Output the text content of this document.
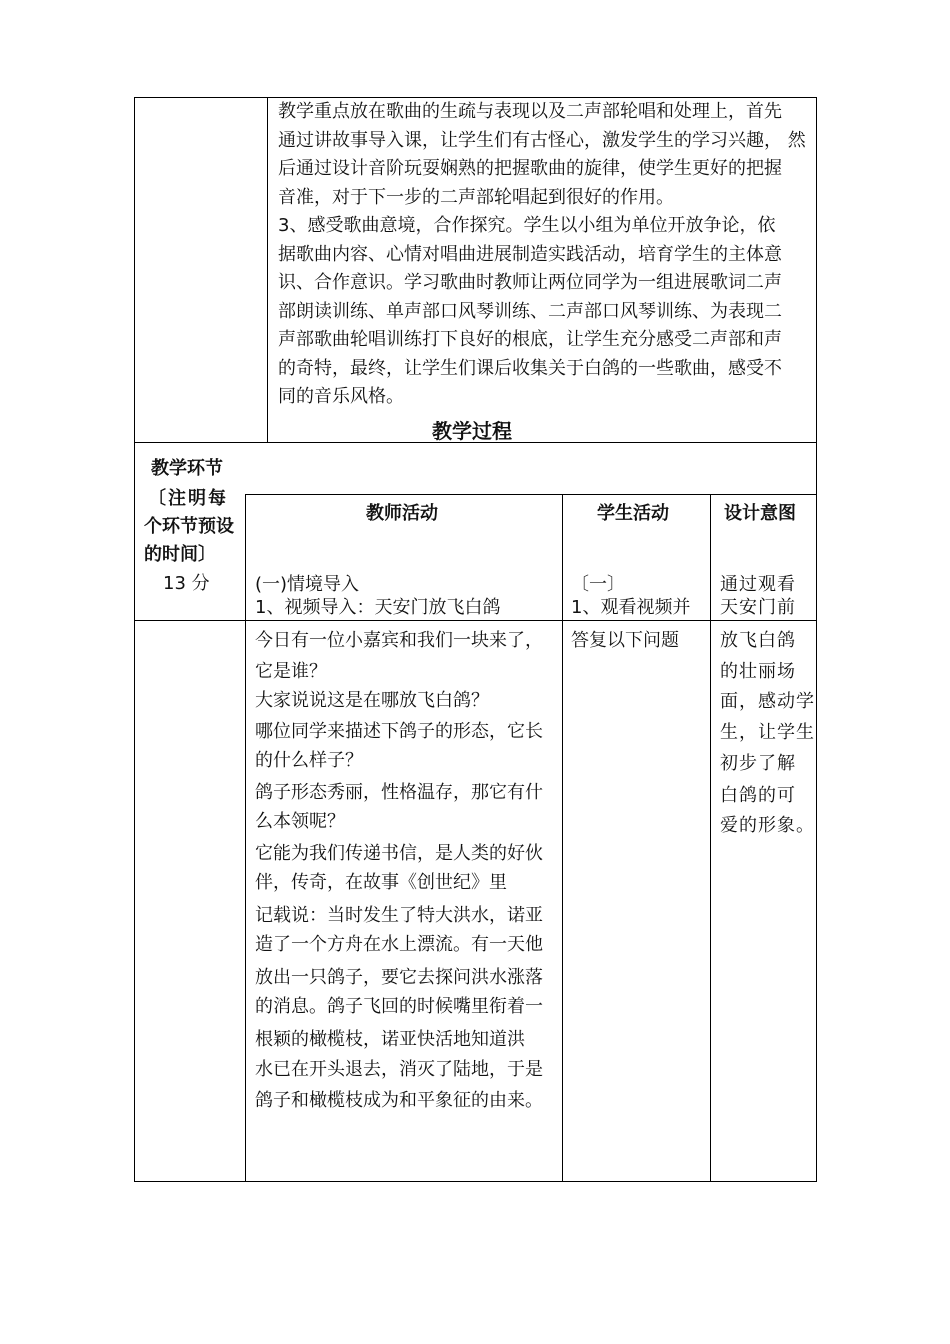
教学重点放在歌曲的生疏与表现以及二声部轮唱和处理上，首先
通过讲故事导入课，让学生们有古怪心，激发学生的学习兴趣， 然
后通过设计音阶玩耍娴熟的把握歌曲的旋律，使学生更好的把握
音准，对于下一步的二声部轮唱起到很好的作用。
3、感受歌曲意境，合作探究。学生以小组为单位开放争论，依
据歌曲内容、心情对唱曲进展制造实践活动，培育学生的主体意
识、合作意识。学习歌曲时教师让两位同学为一组进展歌词二声
部朗读训练、单声部口风琴训练、二声部口风琴训练、为表现二
声部歌曲轮唱训练打下良好的根底，让学生充分感受二声部和声
的奇特，最终，让学生们课后收集关于白鸽的一些歌曲，感受不
同的音乐风格。
教学过程
教学环节
〔注明每
个环节预设
的时间〕
13 分
教师活动	学生活动	设计意图
(一)情境导入
1、视频导入：天安门放飞白鸽
今日有一位小嘉宾和我们一块来了，
它是谁？
大家说说这是在哪放飞白鸽？
哪位同学来描述下鸽子的形态，它长
的什么样子？
鸽子形态秀丽，性格温存，那它有什
么本领呢？
它能为我们传递书信，是人类的好伙
伴，传奇，在故事《创世纪》里
记载说：当时发生了特大洪水，诺亚
造了一个方舟在水上漂流。有一天他
放出一只鸽子，要它去探问洪水涨落
的消息。鸽子飞回的时候嘴里衔着一
根颖的橄榄枝，诺亚快活地知道洪
水已在开头退去，消灭了陆地，于是
鸽子和橄榄枝成为和平象征的由来。
〔一〕
1、观看视频并
答复以下问题
通过观看
天安门前
放飞白鸽
的壮丽场
面，感动学
生，让学生
初步了解
白鸽的可
爱的形象。
